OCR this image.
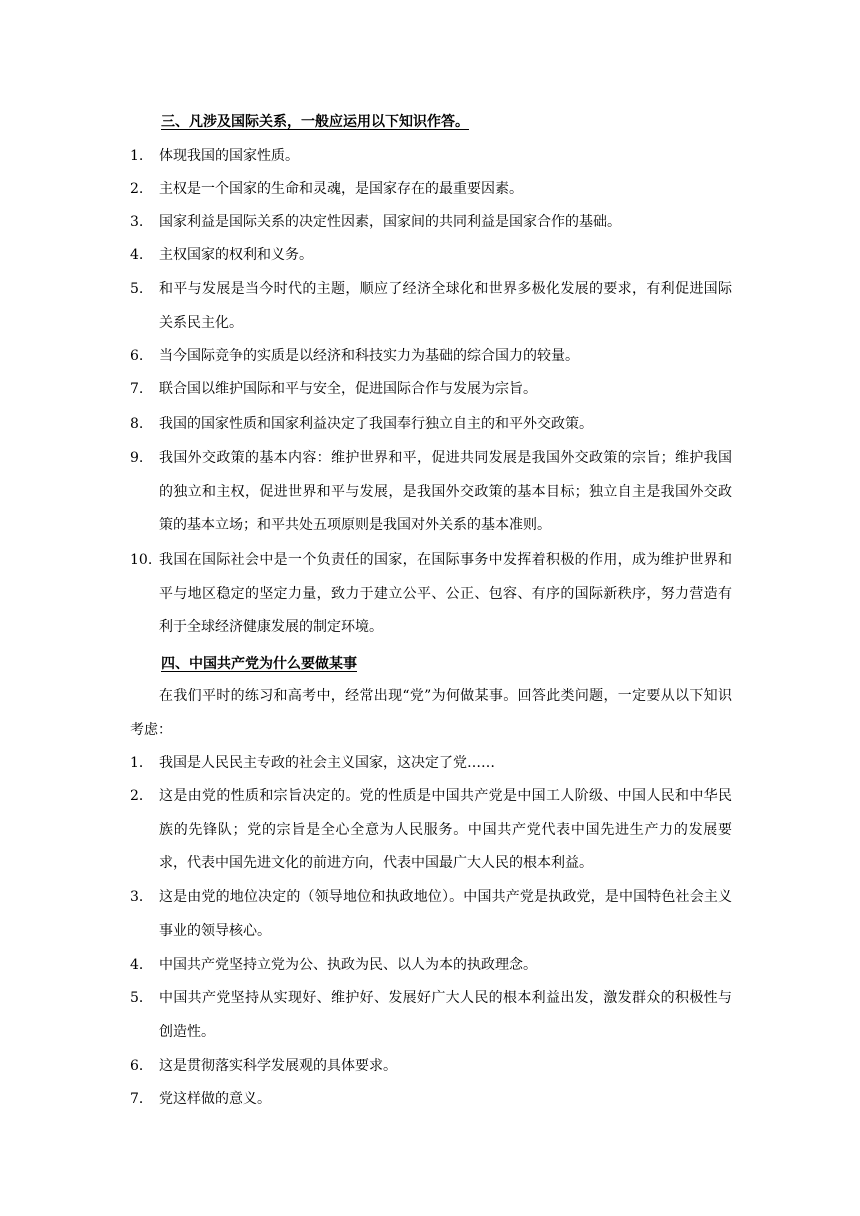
三、凡涉及国际关系，一般应运用以下知识作答。
1. 体现我国的国家性质。
2. 主权是一个国家的生命和灵魂，是国家存在的最重要因素。
3. 国家利益是国际关系的决定性因素，国家间的共同利益是国家合作的基础。
4. 主权国家的权利和义务。
5. 和平与发展是当今时代的主题，顺应了经济全球化和世界多极化发展的要求，有利促进国际关系民主化。
6. 当今国际竞争的实质是以经济和科技实力为基础的综合国力的较量。
7. 联合国以维护国际和平与安全，促进国际合作与发展为宗旨。
8. 我国的国家性质和国家利益决定了我国奉行独立自主的和平外交政策。
9. 我国外交政策的基本内容：维护世界和平，促进共同发展是我国外交政策的宗旨；维护我国的独立和主权，促进世界和平与发展，是我国外交政策的基本目标；独立自主是我国外交政策的基本立场；和平共处五项原则是我国对外关系的基本准则。
10. 我国在国际社会中是一个负责任的国家，在国际事务中发挥着积极的作用，成为维护世界和平与地区稳定的坚定力量，致力于建立公平、公正、包容、有序的国际新秩序，努力营造有利于全球经济健康发展的制定环境。
四、中国共产党为什么要做某事
在我们平时的练习和高考中，经常出现“党”为何做某事。回答此类问题，一定要从以下知识考虑：
1． 我国是人民民主专政的社会主义国家，这决定了党……
2． 这是由党的性质和宗旨决定的。党的性质是中国共产党是中国工人阶级、中国人民和中华民族的先锋队；党的宗旨是全心全意为人民服务。中国共产党代表中国先进生产力的发展要求，代表中国先进文化的前进方向，代表中国最广大人民的根本利益。
3． 这是由党的地位决定的（领导地位和执政地位）。中国共产党是执政党，是中国特色社会主义事业的领导核心。
4． 中国共产党坚持立党为公、执政为民、以人为本的执政理念。
5． 中国共产党坚持从实现好、维护好、发展好广大人民的根本利益出发，激发群众的积极性与创造性。
6． 这是贯彻落实科学发展观的具体要求。
7． 党这样做的意义。
